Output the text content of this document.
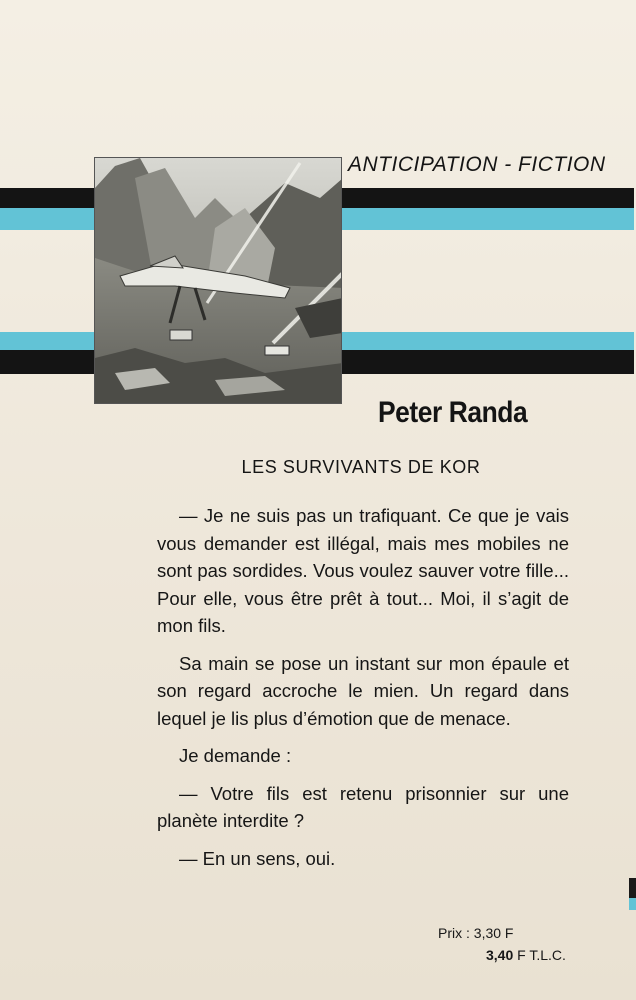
ANTICIPATION - FICTION
Peter Randa
LES SURVIVANTS DE KOR

— Je ne suis pas un trafiquant. Ce que je vais vous demander est illégal, mais mes mobiles ne sont pas sordides. Vous voulez sauver votre fille... Pour elle, vous être prêt à tout... Moi, il s’agit de mon fils.

Sa main se pose un instant sur mon épaule et son regard accroche le mien. Un regard dans lequel je lis plus d’émotion que de menace.

Je demande :

— Votre fils est retenu prisonnier sur une planète interdite ?

— En un sens, oui.

Prix : 3,30 F
3,40 F T.L.C.
